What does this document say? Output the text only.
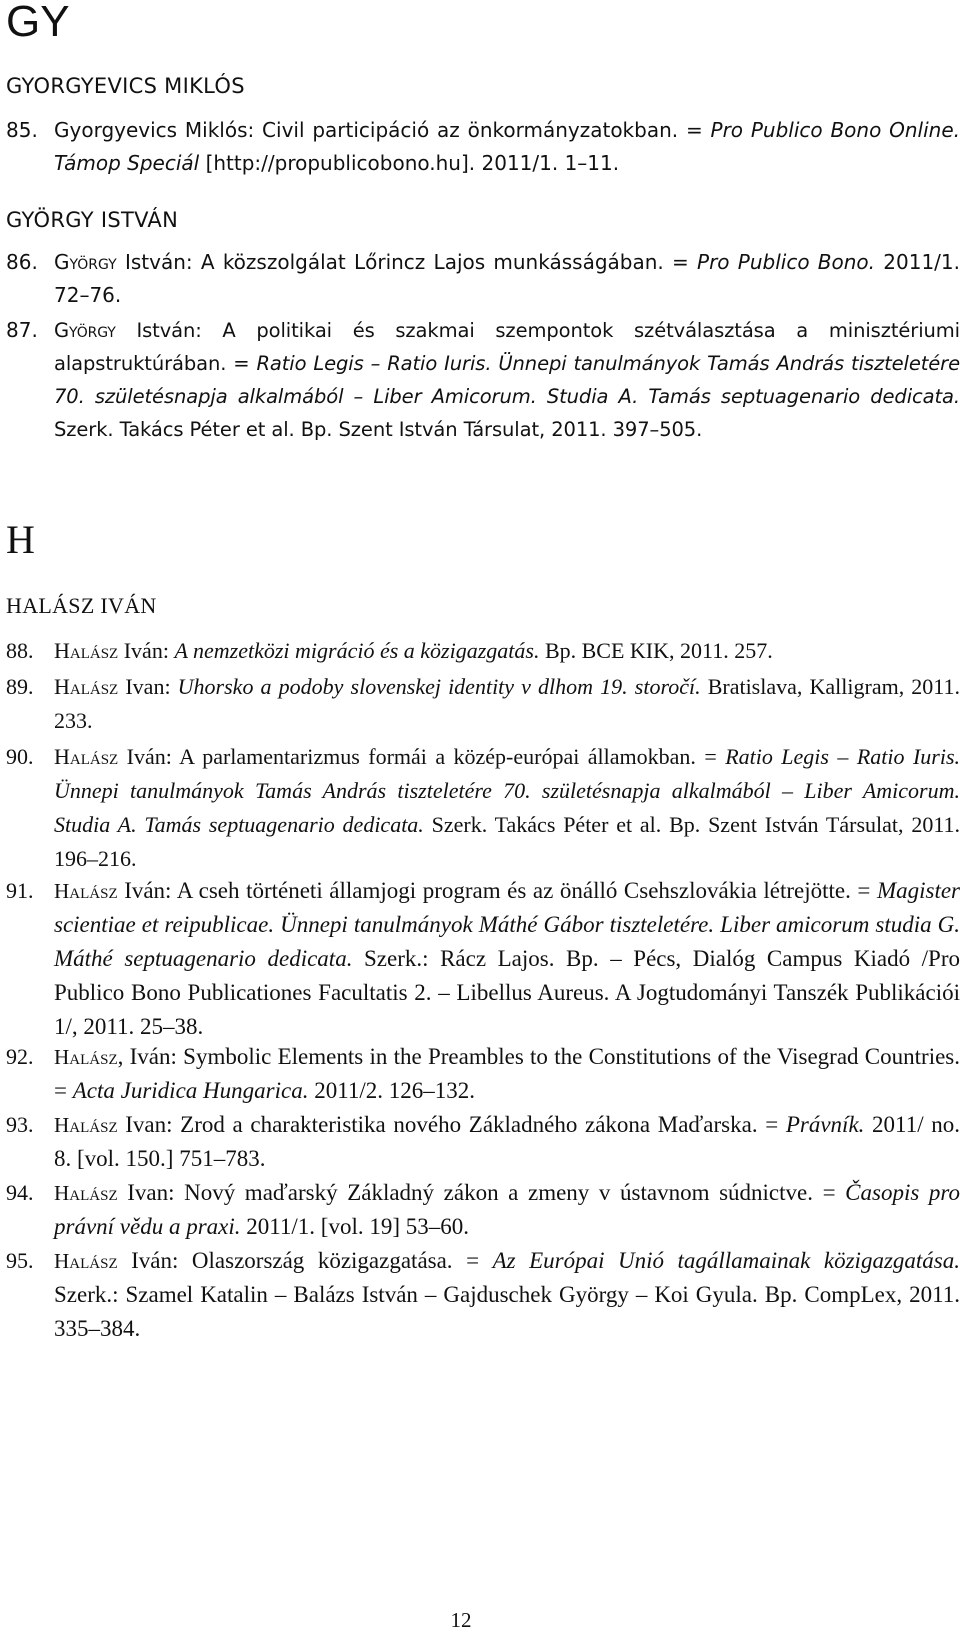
GY
GYORGYEVICS MIKLÓS
85. Gyorgyevics Miklós: Civil participáció az önkormányzatokban. = Pro Publico Bono Online. Támop Speciál [http://propublicobono.hu]. 2011/1. 1–11.
GYÖRGY ISTVÁN
86. György István: A közszolgálat Lőrincz Lajos munkásságában. = Pro Publico Bono. 2011/1. 72–76.
87. György István: A politikai és szakmai szempontok szétválasztása a minisztériumi alapstruktúrában. = Ratio Legis – Ratio Iuris. Ünnepi tanulmányok Tamás András tiszteletére 70. születésnapja alkalmából – Liber Amicorum. Studia A. Tamás septuagenario dedicata. Szerk. Takács Péter et al. Bp. Szent István Társulat, 2011. 397–505.
H
HALÁSZ IVÁN
88. Halász Iván: A nemzetközi migráció és a közigazgatás. Bp. BCE KIK, 2011. 257.
89. Halász Ivan: Uhorsko a podoby slovenskej identity v dlhom 19. storočí. Bratislava, Kalligram, 2011. 233.
90. Halász Iván: A parlamentarizmus formái a közép-európai államokban. = Ratio Legis – Ratio Iuris. Ünnepi tanulmányok Tamás András tiszteletére 70. születésnapja alkalmából – Liber Amicorum. Studia A. Tamás septuagenario dedicata. Szerk. Takács Péter et al. Bp. Szent István Társulat, 2011. 196–216.
91. Halász Iván: A cseh történeti államjogi program és az önálló Csehszlovákia létrejötte. = Magister scientiae et reipublicae. Ünnepi tanulmányok Máthé Gábor tiszteletére. Liber amicorum studia G. Máthé septuagenario dedicata. Szerk.: Rácz Lajos. Bp. – Pécs, Dialóg Campus Kiadó /Pro Publico Bono Publicationes Facultatis 2. – Libellus Aureus. A Jogtudományi Tanszék Publikációi 1/, 2011. 25–38.
92. Halász, Iván: Symbolic Elements in the Preambles to the Constitutions of the Visegrad Countries. = Acta Juridica Hungarica. 2011/2. 126–132.
93. Halász Ivan: Zrod a charakteristika nového Základného zákona Maďarska. = Právník. 2011/ no. 8. [vol. 150.] 751–783.
94. Halász Ivan: Nový maďarský Základný zákon a zmeny v ústavnom súdnictve. = Časopis pro právní vědu a praxi. 2011/1. [vol. 19] 53–60.
95. Halász Iván: Olaszország közigazgatása. = Az Európai Unió tagállamainak közigazgatása. Szerk.: Szamel Katalin – Balázs István – Gajduschek György – Koi Gyula. Bp. CompLex, 2011. 335–384.
12
